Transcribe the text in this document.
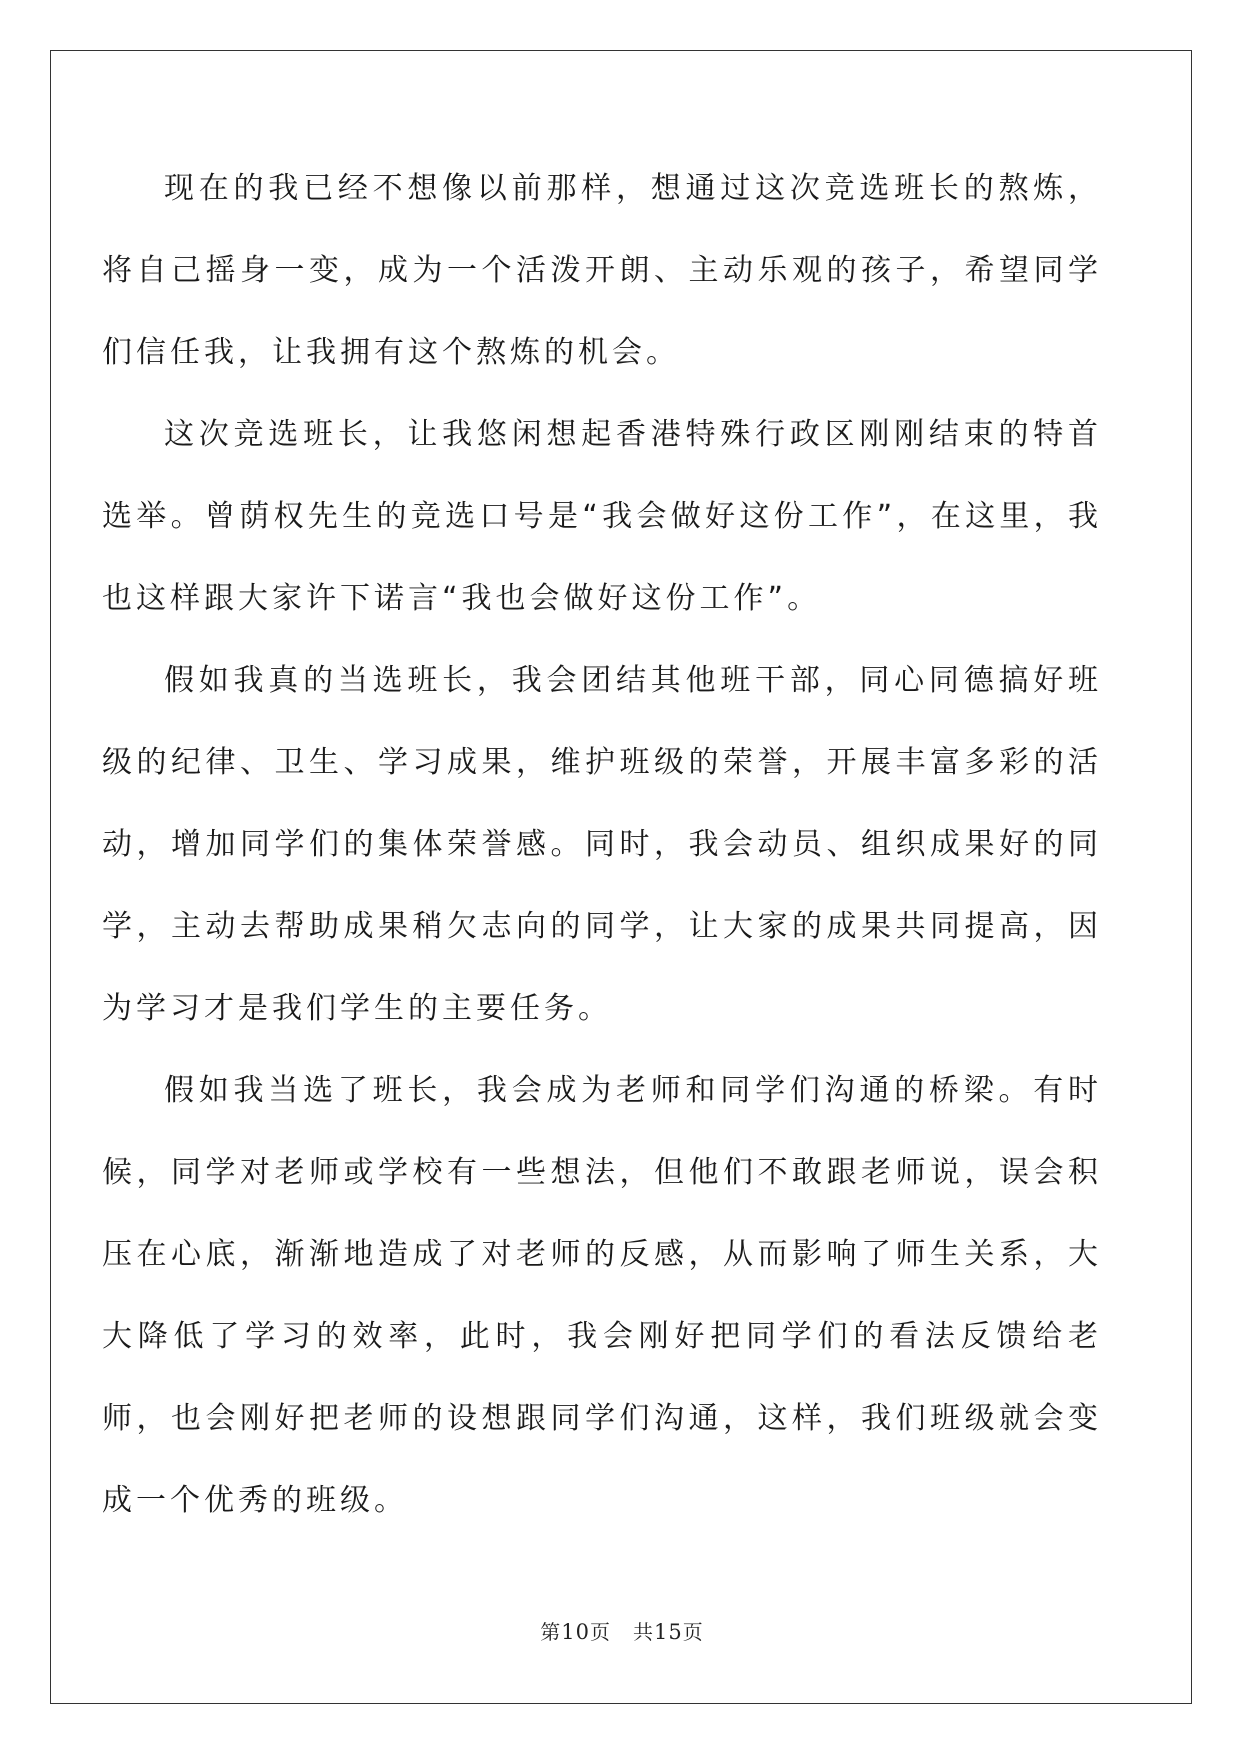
第10页 共15页

现在的我已经不想像以前那样，想通过这次竞选班长的熬炼，将自己摇身一变，成为一个活泼开朗、主动乐观的孩子，希望同学们信任我，让我拥有这个熬炼的机会。

这次竞选班长，让我悠闲想起香港特殊行政区刚刚结束的特首选举。曾荫权先生的竞选口号是“我会做好这份工作”，在这里，我也这样跟大家许下诺言“我也会做好这份工作”。

假如我真的当选班长，我会团结其他班干部，同心同德搞好班级的纪律、卫生、学习成果，维护班级的荣誉，开展丰富多彩的活动，增加同学们的集体荣誉感。同时，我会动员、组织成果好的同学，主动去帮助成果稍欠志向的同学，让大家的成果共同提高，因为学习才是我们学生的主要任务。

假如我当选了班长，我会成为老师和同学们沟通的桥梁。有时候，同学对老师或学校有一些想法，但他们不敢跟老师说，误会积压在心底，渐渐地造成了对老师的反感，从而影响了师生关系，大大降低了学习的效率，此时，我会刚好把同学们的看法反馈给老师，也会刚好把老师的设想跟同学们沟通，这样，我们班级就会变成一个优秀的班级。
